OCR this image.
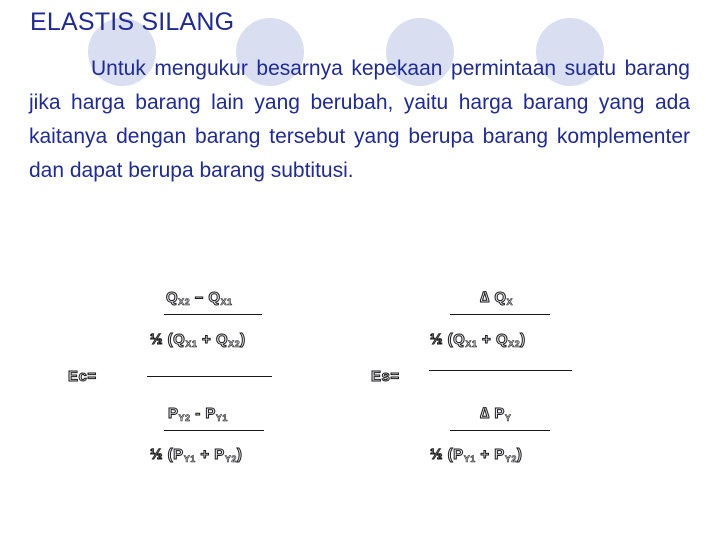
ELASTIS SILANG
Untuk mengukur besarnya kepekaan permintaan suatu barang jika harga barang lain yang berubah, yaitu harga barang yang ada kaitanya dengan barang tersebut yang berupa barang komplementer dan dapat berupa barang subtitusi.
$Q_{X2} - Q_{X1}$
½ $(Q_{X1} + Q_{X2})$
Ec=
$P_{Y2} - P_{Y1}$
½ $(P_{Y1} + P_{Y2})$
∆ $Q_X$
½ $(Q_{X1} + Q_{X2})$
Es=
∆ $P_Y$
½ $(P_{Y1} + P_{Y2})$
